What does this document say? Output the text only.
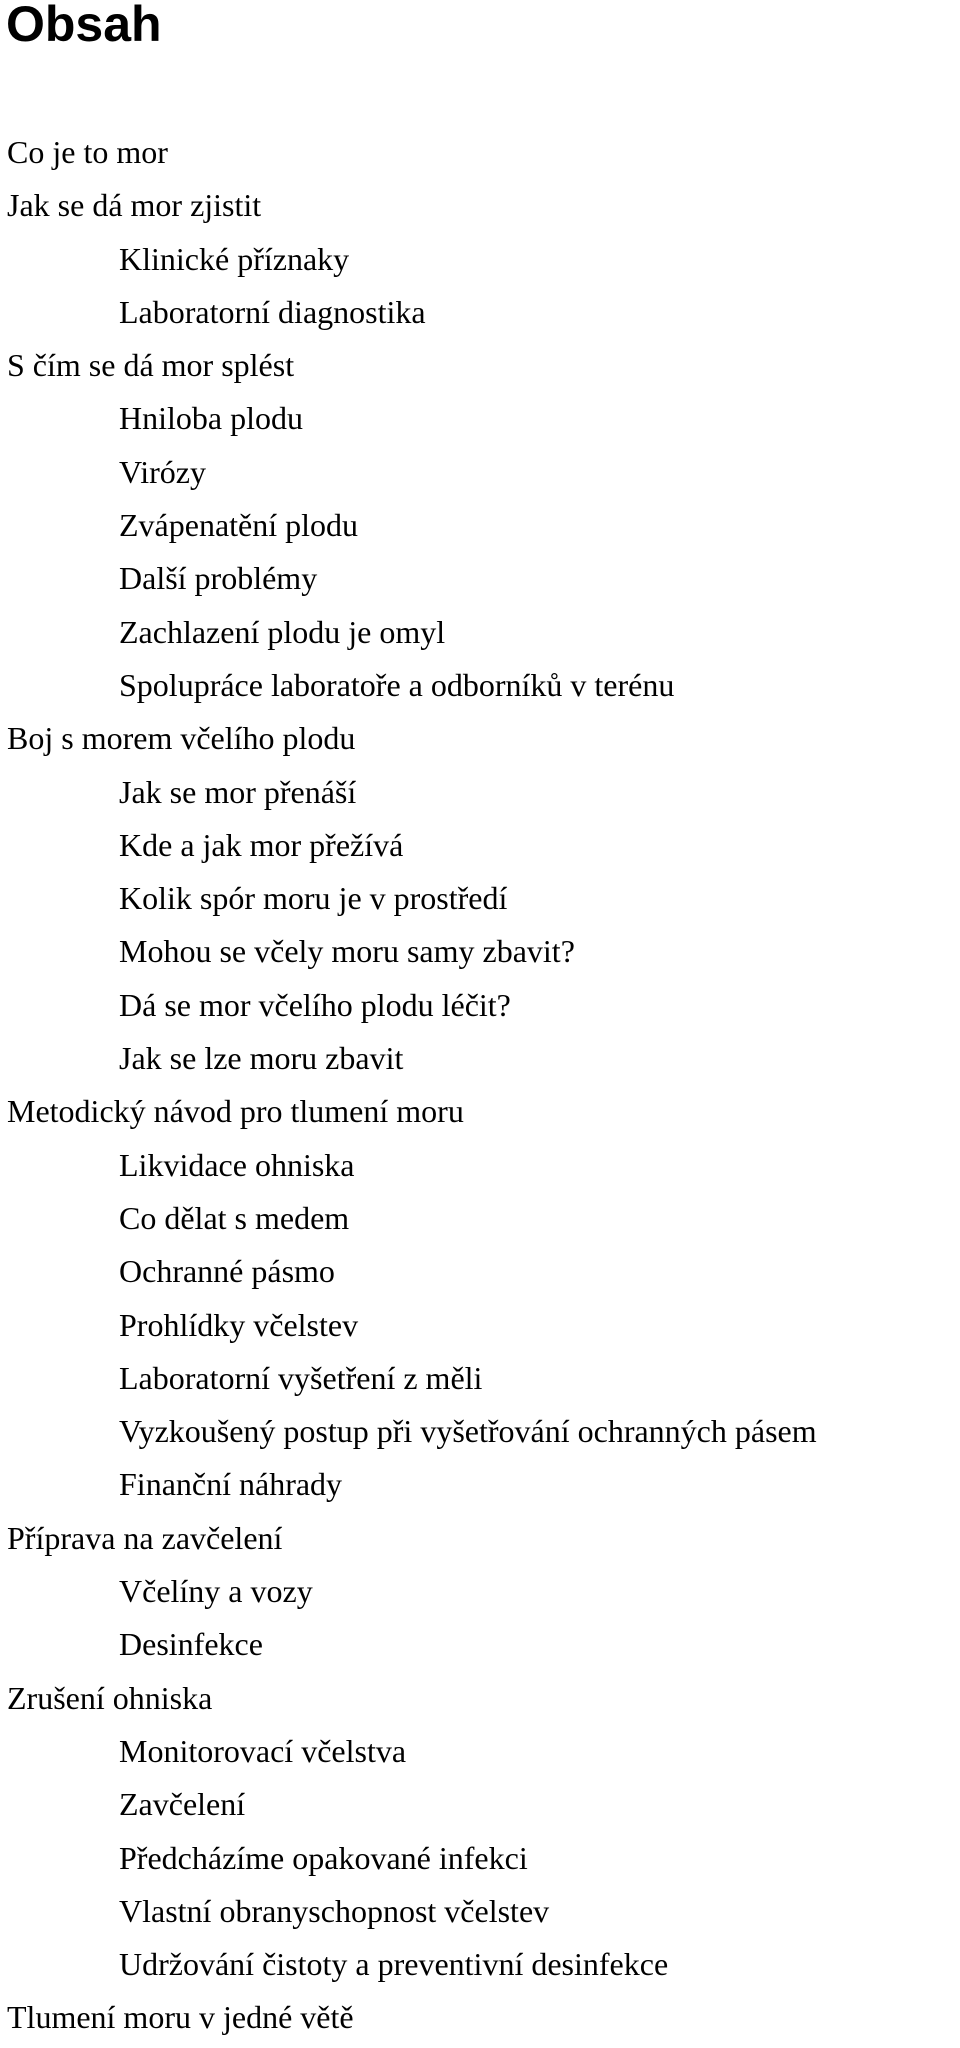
Obsah
Co je to mor
Jak se dá mor zjistit
Klinické příznaky
Laboratorní diagnostika
S čím se dá mor splést
Hniloba plodu
Virózy
Zvápenatění plodu
Další problémy
Zachlazení plodu je omyl
Spolupráce laboratoře a odborníků v terénu
Boj s morem včelího plodu
Jak se mor přenáší
Kde a jak mor přežívá
Kolik spór moru je v prostředí
Mohou se včely moru samy zbavit?
Dá se mor včelího plodu léčit?
Jak se lze moru zbavit
Metodický návod pro tlumení moru
Likvidace ohniska
Co dělat s medem
Ochranné pásmo
Prohlídky včelstev
Laboratorní vyšetření z měli
Vyzkoušený postup při vyšetřování ochranných pásem
Finanční náhrady
Příprava na zavčelení
Včelíny a vozy
Desinfekce
Zrušení ohniska
Monitorovací včelstva
Zavčelení
Předcházíme opakované infekci
Vlastní obranyschopnost včelstev
Udržování čistoty a preventivní desinfekce
Tlumení moru v jedné větě
